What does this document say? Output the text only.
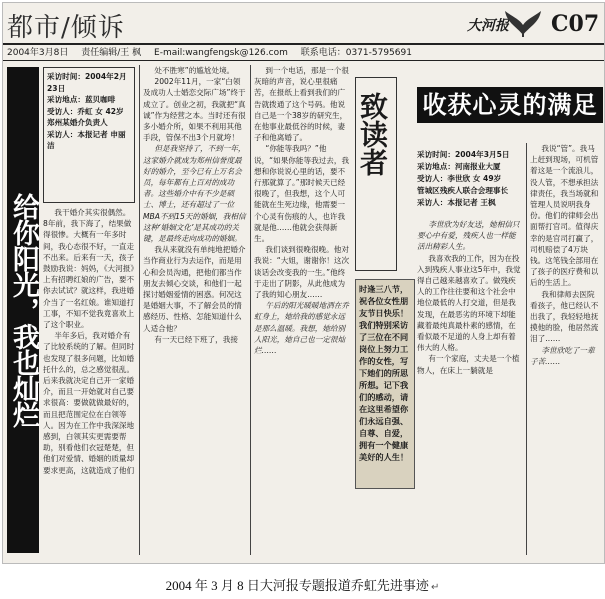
都市/倾诉	大河报 C07
2004年3月8日 责任编辑/王 枫 E-mail:wangfengsk@126.com 联系电话：0371-5795691
给你阳光，我也灿烂
采访时间：2004年2月23日
采访地点：蓝贝咖啡
受访人：乔虹 女 42岁 郑州某婚介负责人
采访人：本报记者 申丽洁

我干婚介其实很偶然。8年前，我下海了，结果做得很惨。大概有一年多时间，我心态很不好，一直走不出来。后来有一天，孩子鼓励我说：妈妈，《大河报》上有招聘红娘的广告，要不你去试试？就这样，我进婚介当了一名红娘。谁知道打工事，不知不觉我竟喜欢上了这个职业。

半年多后，我对婚介有了比较系统的了解。但同时也发现了很多问题，比如婚托什么的，总之感觉很乱。后来我就决定自己开一家婚介，而且一开始就对自己要求很高：要做就做最好的，而且把范围定位在白领等人。因为在工作中我深深地感到，白领其实更需要帮助，别看他们衣冠楚楚，但他们对爱情、婚姻的质量却要求更高，这就造成了他们

处不胜寒”的尴尬处境。

2002年11月，一家“白领及成功人士婚恋交际广场”终于成立了。创业之初，我就把“真诚”作为经营之本。当时还有很多小婚介所，如果不利用其他手段，管保不出3个月就垮！

但是我坚持了，不到一年，这家婚介就成为郑州信誉度最好的婚介，至今已有上万名会员，每年都有上百对的成功者。这些婚介中有不少是硕士、博士，还有超过了一位MBA不到15天的婚姻，我相信这种‘婚姻文化’是其成功的关键，是最终走向成功的婚姻。

我从来就没有单纯地把婚介当作商业行为去运作，而是用心和会员沟通，把他们都当作朋友去倾心交谈，和他们一起探讨婚姻爱情的困惑。何况这是婚姻大事，不了解会员的情感经历、性格、怎能知道什么人适合他？

有一天已经下班了，我接

到一个电话，那是一个很灰暗的声音，说心里很痛苦，在报纸上看到我们的广告就拨通了这个号码。他说自己是一个38岁的研究生，在他事业最低谷的时候，妻子和他离婚了。

“你能等我吗？”他说，“如果你能等我过去，我想和你说说心里的话，要不行那就算了。”那时候天已经很晚了，但我想，这个人可能就在生死边缘，他需要一个心灵有伤痕的人，也许我就是他……他就会获得新生。

我们谈到很晚很晚。他对我说：“大姐，谢谢你！这次谈话会改变我的一生。”他终于走出了阴影，从此他成为了我的知心朋友……

午后的阳光暖暖地洒在乔虹身上，她给我的感觉永远是那么温暖。我想，她给别人阳光，她自己也一定很灿烂……

致读者
时逢三八节，祝各位女性朋友节日快乐！我们特别采访了三位在不同岗位上努力工作的女性，写下她们的所思所想。记下我们的感动，请在这里希望你们永远自强、自尊、自爱，拥有一个健康美好的人生！
收获心灵的满足
采访时间：2004年3月5日
采访地点：河南报业大厦
受访人：李世欣 女 49岁
管城区残疾人联合会理事长
采访人：本报记者 王枫

李世欣为好友送，她相信只要心中有爱，残疾人也一样能活出精彩人生。

我喜欢我的工作，因为在投入到残疾人事业这5年中，我觉得自己越来越喜欢了。做残疾人的工作往往要和这个社会中地位最低的人打交道，但是我发现，在最恶劣的环境下却能藏着最纯真最朴素的感情，在看似最不足道的人身上却有着伟大的人格。

有一个家庭，丈夫是一个植物人，在床上一躺就是

我说“管”。我马上赶到现场，可机管着这是一个流浪儿，没人管，不想承担法律责任，我当场就和管理人员说明我身份。他们的律师会出面帮打官司。值得庆幸的是官司打赢了，司机赔偿了4万块钱。这笔钱全部用在了孩子的医疗费和以后的生活上。

我和律师去医院看孩子，他已经认不出我了，我轻轻地抚摸他的脸，他居然流泪了……

李世欣吃了一辈子苦……

2004 年 3 月 8 日大河报专题报道乔虹先进事迹 ↵
